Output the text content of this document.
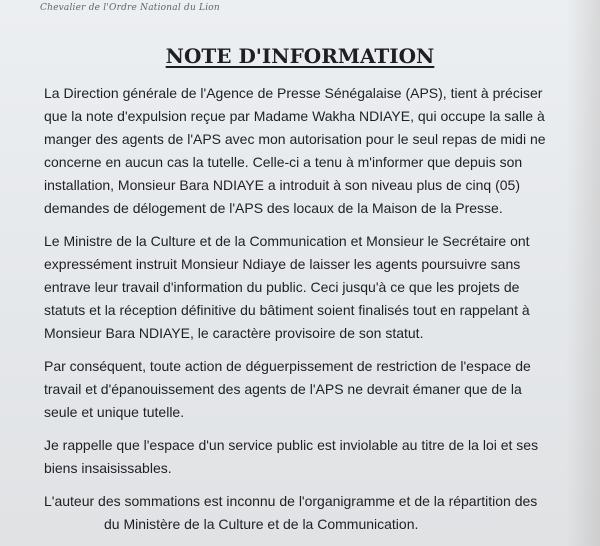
Chevalier de l'Ordre National du Lion

NOTE D'INFORMATION

La Direction générale de l'Agence de Presse Sénégalaise (APS), tient à préciser

que la note d'expulsion reçue par Madame Wakha NDIAYE, qui occupe la salle à

manger des agents de l'APS avec mon autorisation pour le seul repas de midi ne

concerne en aucun cas la tutelle. Celle-ci a tenu à m'informer que depuis son

installation, Monsieur Bara NDIAYE a introduit à son niveau plus de cinq (05)

demandes de délogement de l'APS des locaux de la Maison de la Presse.

Le Ministre de la Culture et de la Communication et Monsieur le Secrétaire ont

expressément instruit Monsieur Ndiaye de laisser les agents poursuivre sans

entrave leur travail d'information du public. Ceci jusqu'à ce que les projets de

statuts et la réception définitive du bâtiment soient finalisés tout en rappelant à

Monsieur Bara NDIAYE, le caractère provisoire de son statut.

Par conséquent, toute action de déguerpissement de restriction de l'espace de

travail et d'épanouissement des agents de l'APS ne devrait émaner que de la

seule et unique tutelle.

Je rappelle que l'espace d'un service public est inviolable au titre de la loi et ses

biens insaisissables.

L'auteur des sommations est inconnu de l'organigramme et de la répartition des

du Ministère de la Culture et de la Communication.
